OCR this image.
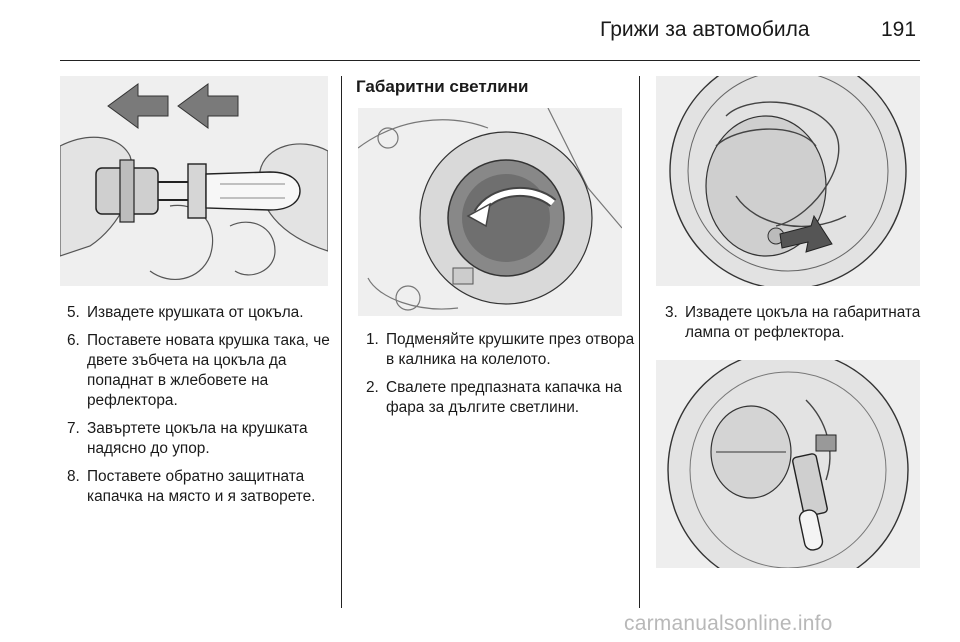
Грижи за автомобила	191
5. Извадете крушката от цокъла.
6. Поставете новата крушка така, че двете зъбчета на цокъла да попаднат в жлебовете на рефлектора.
7. Завъртете цокъла на крушката надясно до упор.
8. Поставете обратно защитната капачка на място и я затворете.
Габаритни светлини
1. Подменяйте крушките през отвора в калника на колелото.
2. Свалете предпазната капачка на фара за дългите светлини.
3. Извадете цокъла на габаритната лампа от рефлектора.
carmanualsonline.info
